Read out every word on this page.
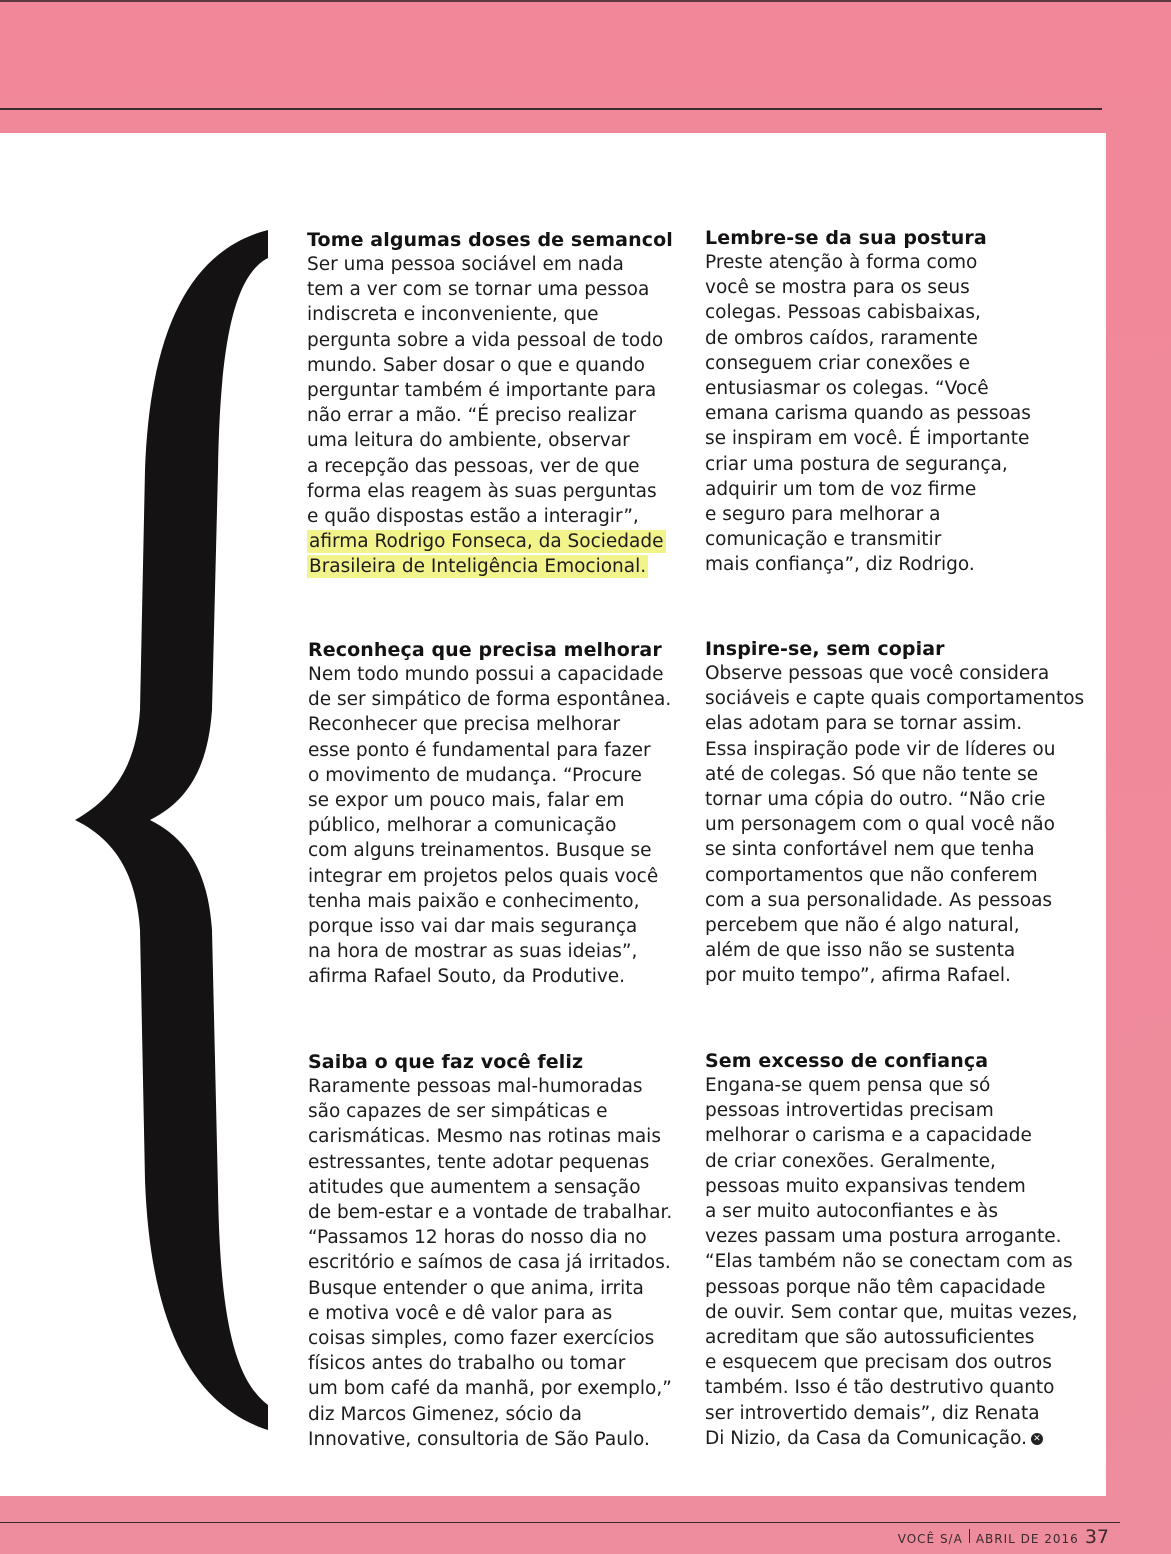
Tome algumas doses de semancol

Ser uma pessoa sociável em nada
tem a ver com se tornar uma pessoa
indiscreta e inconveniente, que
pergunta sobre a vida pessoal de todo
mundo. Saber dosar o que e quando
perguntar também é importante para
não errar a mão. “É preciso realizar
uma leitura do ambiente, observar
a recepção das pessoas, ver de que
forma elas reagem às suas perguntas
e quão dispostas estão a interagir”,
afirma Rodrigo Fonseca, da Sociedade
Brasileira de Inteligência Emocional.

Lembre-se da sua postura

Preste atenção à forma como
você se mostra para os seus
colegas. Pessoas cabisbaixas,
de ombros caídos, raramente
conseguem criar conexões e
entusiasmar os colegas. “Você
emana carisma quando as pessoas
se inspiram em você. É importante
criar uma postura de segurança,
adquirir um tom de voz firme
e seguro para melhorar a
comunicação e transmitir
mais confiança”, diz Rodrigo.

Reconheça que precisa melhorar

Nem todo mundo possui a capacidade
de ser simpático de forma espontânea.
Reconhecer que precisa melhorar
esse ponto é fundamental para fazer
o movimento de mudança. “Procure
se expor um pouco mais, falar em
público, melhorar a comunicação
com alguns treinamentos. Busque se
integrar em projetos pelos quais você
tenha mais paixão e conhecimento,
porque isso vai dar mais segurança
na hora de mostrar as suas ideias”,
afirma Rafael Souto, da Produtive.

Inspire-se, sem copiar

Observe pessoas que você considera
sociáveis e capte quais comportamentos
elas adotam para se tornar assim.
Essa inspiração pode vir de líderes ou
até de colegas. Só que não tente se
tornar uma cópia do outro. “Não crie
um personagem com o qual você não
se sinta confortável nem que tenha
comportamentos que não conferem
com a sua personalidade. As pessoas
percebem que não é algo natural,
além de que isso não se sustenta
por muito tempo”, afirma Rafael.

Saiba o que faz você feliz

Raramente pessoas mal-humoradas
são capazes de ser simpáticas e
carismáticas. Mesmo nas rotinas mais
estressantes, tente adotar pequenas
atitudes que aumentem a sensação
de bem-estar e a vontade de trabalhar.
“Passamos 12 horas do nosso dia no
escritório e saímos de casa já irritados.
Busque entender o que anima, irrita
e motiva você e dê valor para as
coisas simples, como fazer exercícios
físicos antes do trabalho ou tomar
um bom café da manhã, por exemplo,”
diz Marcos Gimenez, sócio da
Innovative, consultoria de São Paulo.

Sem excesso de confiança

Engana-se quem pensa que só
pessoas introvertidas precisam
melhorar o carisma e a capacidade
de criar conexões. Geralmente,
pessoas muito expansivas tendem
a ser muito autoconfiantes e às
vezes passam uma postura arrogante.
“Elas também não se conectam com as
pessoas porque não têm capacidade
de ouvir. Sem contar que, muitas vezes,
acreditam que são autossuficientes
e esquecem que precisam dos outros
também. Isso é tão destrutivo quanto
ser introvertido demais”, diz Renata
Di Nizio, da Casa da Comunicação. ✕

VOCÊ S/A ABRIL DE 2016 37
